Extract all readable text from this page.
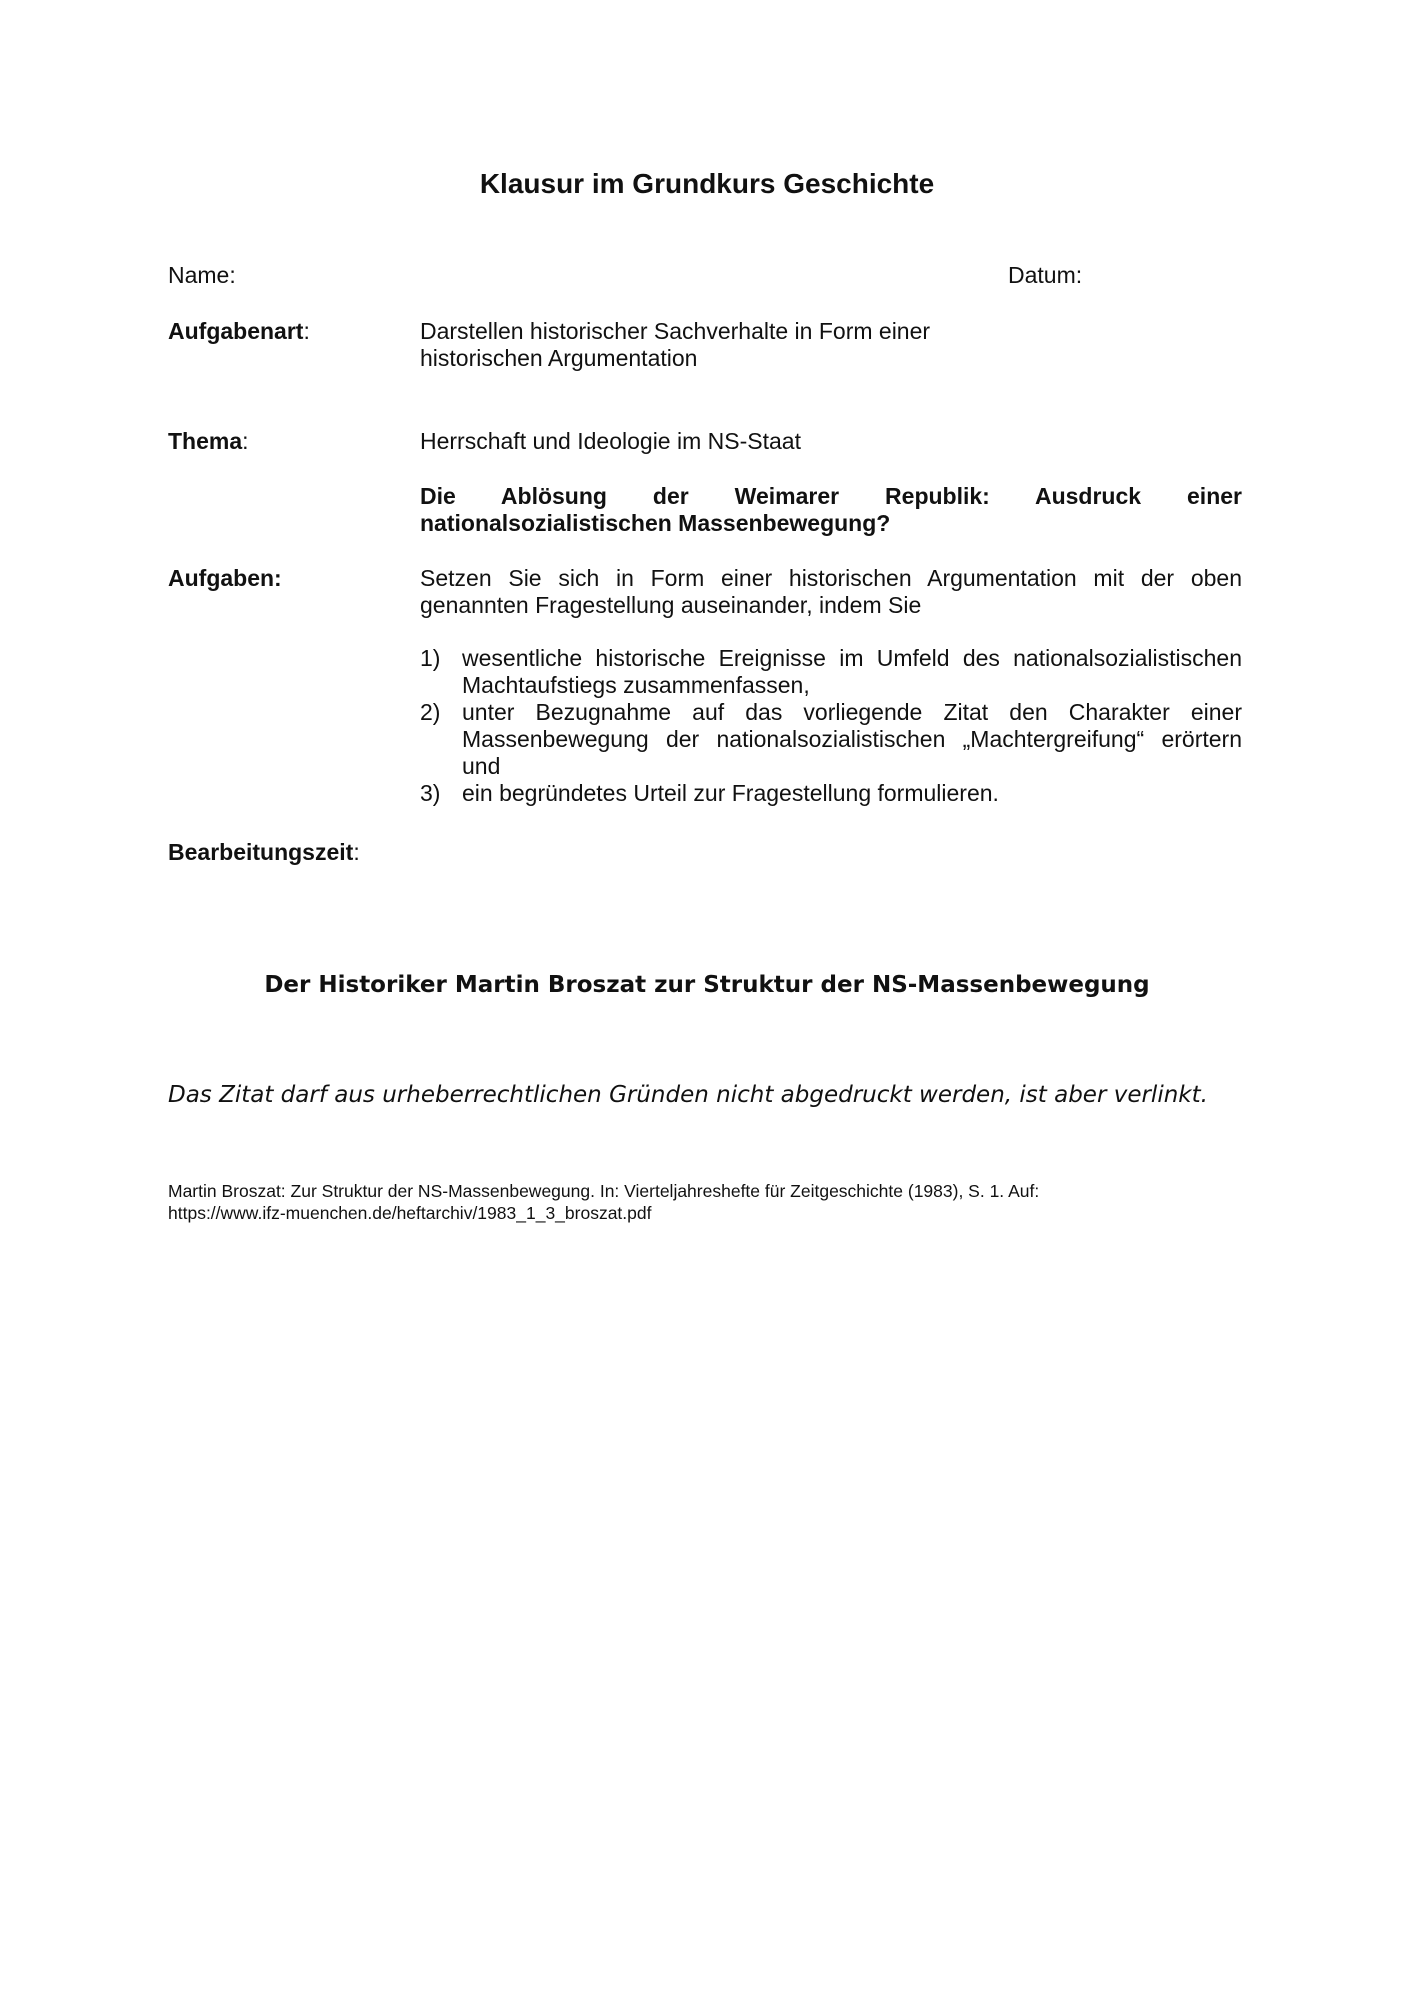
Klausur im Grundkurs Geschichte
Name:	Datum:
Aufgabenart:	Darstellen historischer Sachverhalte in Form einer
historischen Argumentation
Thema:	Herrschaft und Ideologie im NS-Staat
Die Ablösung der Weimarer Republik: Ausdruck einer
nationalsozialistischen Massenbewegung?
Aufgaben:	Setzen Sie sich in Form einer historischen Argumentation mit der oben genannten Fragestellung auseinander, indem Sie
1) wesentliche historische Ereignisse im Umfeld des nationalsozialistischen Machtaufstiegs zusammenfassen,
2) unter Bezugnahme auf das vorliegende Zitat den Charakter einer Massenbewegung der nationalsozialistischen „Machtergreifung“ erörtern und
3) ein begründetes Urteil zur Fragestellung formulieren.
Bearbeitungszeit:
Der Historiker Martin Broszat zur Struktur der NS-Massenbewegung
Das Zitat darf aus urheberrechtlichen Gründen nicht abgedruckt werden, ist aber verlinkt.
Martin Broszat: Zur Struktur der NS-Massenbewegung. In: Vierteljahreshefte für Zeitgeschichte (1983), S. 1. Auf:
https://www.ifz-muenchen.de/heftarchiv/1983_1_3_broszat.pdf
